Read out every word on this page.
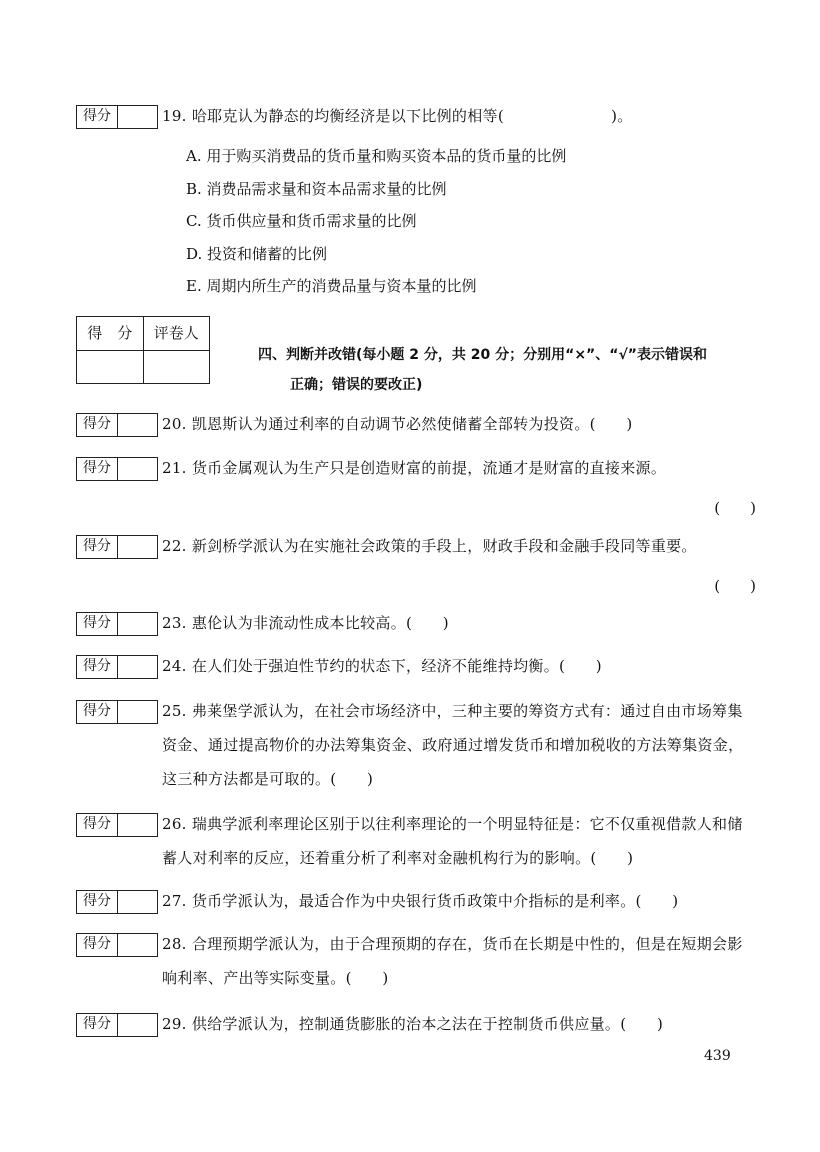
得分	19. 哈耶克认为静态的均衡经济是以下比例的相等(　　　　　　　)。
A. 用于购买消费品的货币量和购买资本品的货币量的比例
B. 消费品需求量和资本品需求量的比例
C. 货币供应量和货币需求量的比例
D. 投资和储蓄的比例
E. 周期内所生产的消费品量与资本量的比例
得　分	评卷人
四、判断并改错(每小题 2 分，共 20 分；分别用“×”、“√”表示错误和
正确；错误的要改正)
得分	20. 凯恩斯认为通过利率的自动调节必然使储蓄全部转为投资。(　　)
得分	21. 货币金属观认为生产只是创造财富的前提，流通才是财富的直接来源。
(　　)
得分	22. 新剑桥学派认为在实施社会政策的手段上，财政手段和金融手段同等重要。
(　　)
得分	23. 惠伦认为非流动性成本比较高。(　　)
得分	24. 在人们处于强迫性节约的状态下，经济不能维持均衡。(　　)
得分	25. 弗莱堡学派认为，在社会市场经济中，三种主要的筹资方式有：通过自由市场筹集资金、通过提高物价的办法筹集资金、政府通过增发货币和增加税收的方法筹集资金，这三种方法都是可取的。(　　)
得分	26. 瑞典学派利率理论区别于以往利率理论的一个明显特征是：它不仅重视借款人和储蓄人对利率的反应，还着重分析了利率对金融机构行为的影响。(　　)
得分	27. 货币学派认为，最适合作为中央银行货币政策中介指标的是利率。(　　)
得分	28. 合理预期学派认为，由于合理预期的存在，货币在长期是中性的，但是在短期会影响利率、产出等实际变量。(　　)
得分	29. 供给学派认为，控制通货膨胀的治本之法在于控制货币供应量。(　　)
439
